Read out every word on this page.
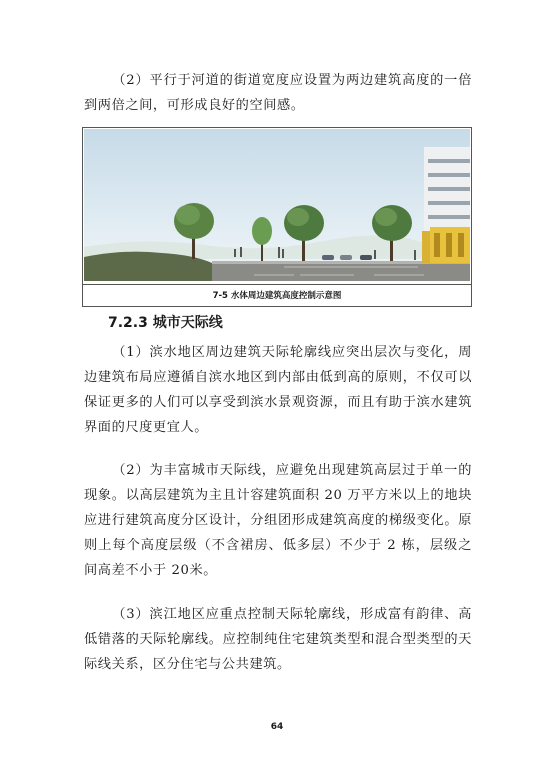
（2）平行于河道的街道宽度应设置为两边建筑高度的一倍到两倍之间，可形成良好的空间感。

7-5 水体周边建筑高度控制示意图
7.2.3 城市天际线

（1）滨水地区周边建筑天际轮廓线应突出层次与变化，周边建筑布局应遵循自滨水地区到内部由低到高的原则，不仅可以保证更多的人们可以享受到滨水景观资源，而且有助于滨水建筑界面的尺度更宜人。

（2）为丰富城市天际线，应避免出现建筑高层过于单一的现象。以高层建筑为主且计容建筑面积 20 万平方米以上的地块应进行建筑高度分区设计，分组团形成建筑高度的梯级变化。原则上每个高度层级（不含裙房、低多层）不少于 2 栋，层级之间高差不小于 20米。

（3）滨江地区应重点控制天际轮廓线，形成富有韵律、高低错落的天际轮廓线。应控制纯住宅建筑类型和混合型类型的天际线关系，区分住宅与公共建筑。

64
